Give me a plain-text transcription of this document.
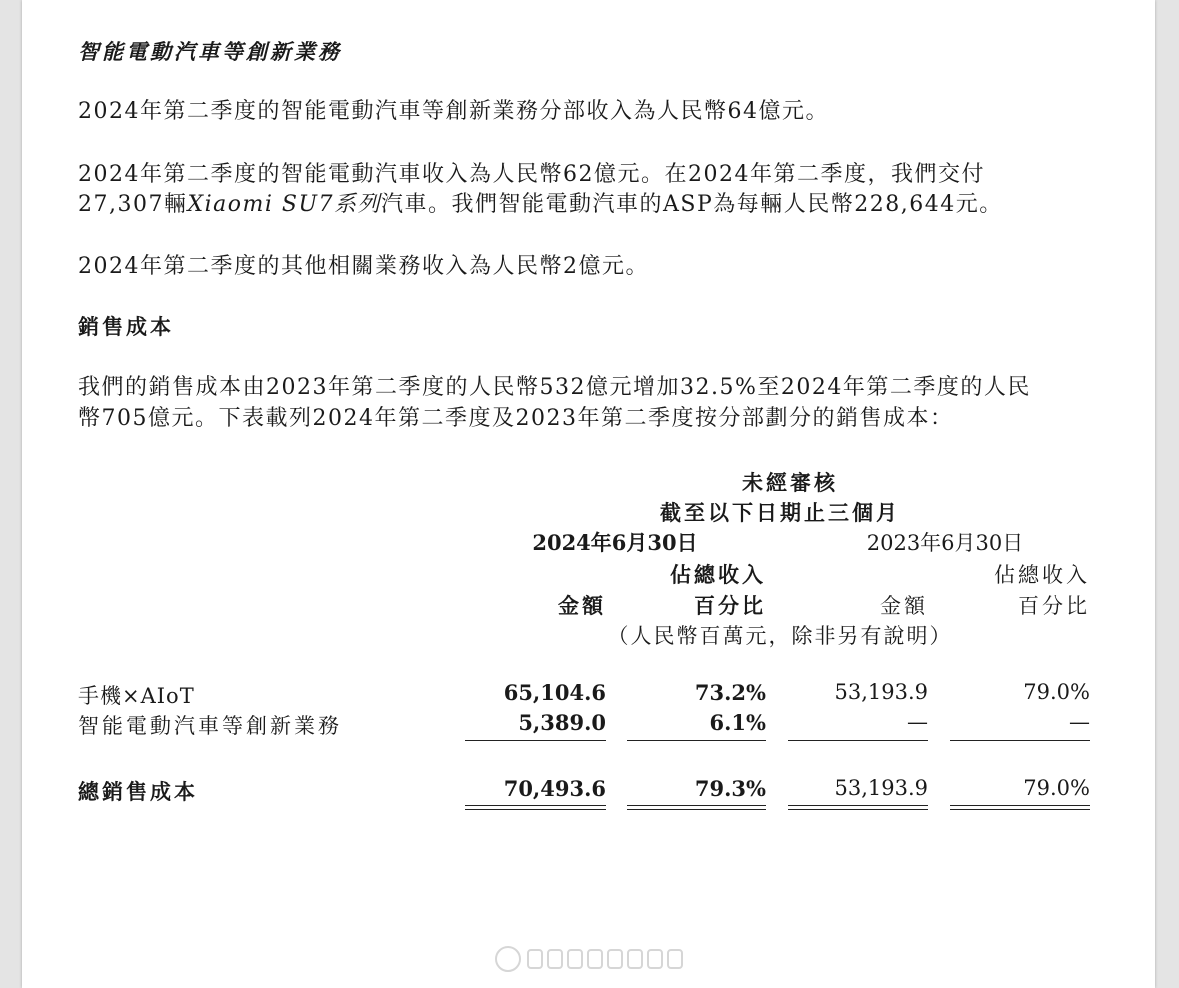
智能電動汽車等創新業務
2024年第二季度的智能電動汽車等創新業務分部收入為人民幣64億元。
2024年第二季度的智能電動汽車收入為人民幣62億元。在2024年第二季度，我們交付
27,307輛Xiaomi SU7系列汽車。我們智能電動汽車的ASP為每輛人民幣228,644元。
2024年第二季度的其他相關業務收入為人民幣2億元。
銷售成本
我們的銷售成本由2023年第二季度的人民幣532億元增加32.5%至2024年第二季度的人民
幣705億元。下表載列2024年第二季度及2023年第二季度按分部劃分的銷售成本：
未經審核
截至以下日期止三個月
2024年6月30日	2023年6月30日
佔總收入	佔總收入
金額	百分比	金額	百分比
（人民幣百萬元，除非另有說明）
手機×AIoT	65,104.6	73.2%	53,193.9	79.0%
智能電動汽車等創新業務	5,389.0	6.1%	—	—
總銷售成本	70,493.6	79.3%	53,193.9	79.0%
